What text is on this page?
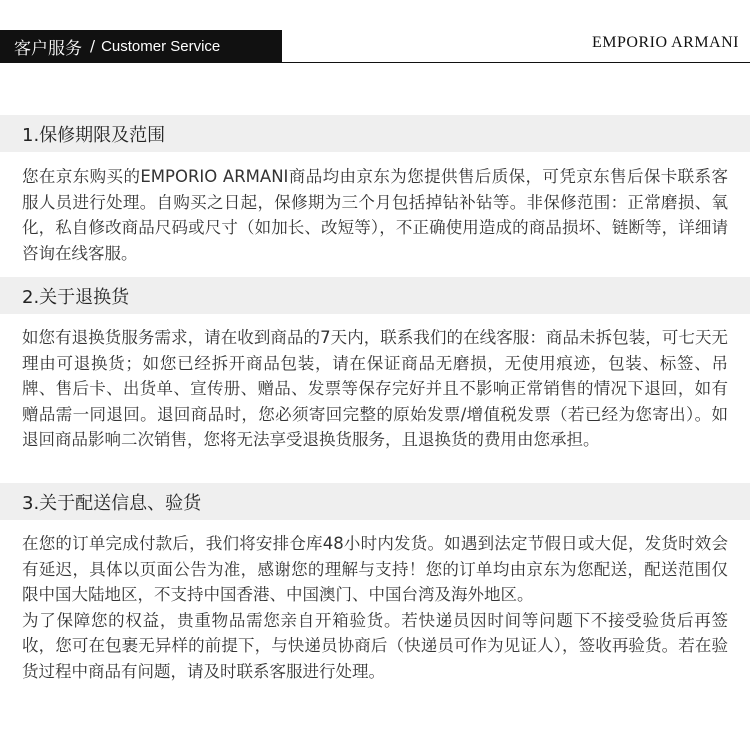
客户服务 / Customer Service	EMPORIO ARMANI
1.保修期限及范围

您在京东购买的EMPORIO ARMANI商品均由京东为您提供售后质保，可凭京东售后保卡联系客服人员进行处理。自购买之日起，保修期为三个月包括掉钻补钻等。非保修范围：正常磨损、氧化，私自修改商品尺码或尺寸（如加长、改短等），不正确使用造成的商品损坏、链断等，详细请咨询在线客服。

2.关于退换货

如您有退换货服务需求，请在收到商品的7天内，联系我们的在线客服：商品未拆包装，可七天无理由可退换货；如您已经拆开商品包装，请在保证商品无磨损，无使用痕迹，包装、标签、吊牌、售后卡、出货单、宣传册、赠品、发票等保存完好并且不影响正常销售的情况下退回，如有赠品需一同退回。退回商品时，您必须寄回完整的原始发票/增值税发票（若已经为您寄出）。如退回商品影响二次销售，您将无法享受退换货服务，且退换货的费用由您承担。

3.关于配送信息、验货

在您的订单完成付款后，我们将安排仓库48小时内发货。如遇到法定节假日或大促，发货时效会有延迟，具体以页面公告为准，感谢您的理解与支持！您的订单均由京东为您配送，配送范围仅限中国大陆地区，不支持中国香港、中国澳门、中国台湾及海外地区。

为了保障您的权益，贵重物品需您亲自开箱验货。若快递员因时间等问题下不接受验货后再签收，您可在包裹无异样的前提下，与快递员协商后（快递员可作为见证人），签收再验货。若在验货过程中商品有问题，请及时联系客服进行处理。
